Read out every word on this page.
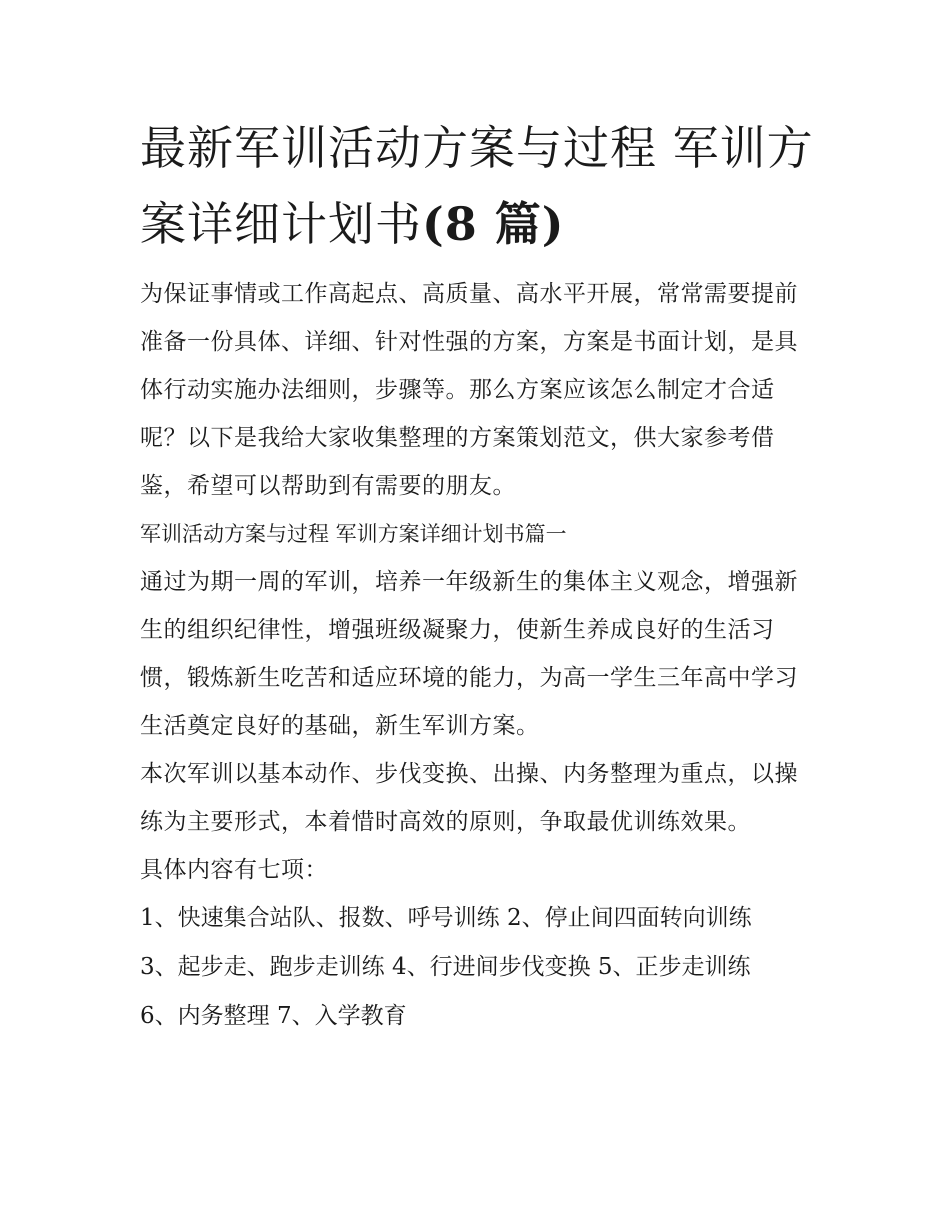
最新军训活动方案与过程 军训方案详细计划书(8 篇)

为保证事情或工作高起点、高质量、高水平开展，常常需要提前准备一份具体、详细、针对性强的方案，方案是书面计划，是具体行动实施办法细则，步骤等。那么方案应该怎么制定才合适呢？以下是我给大家收集整理的方案策划范文，供大家参考借鉴，希望可以帮助到有需要的朋友。

军训活动方案与过程 军训方案详细计划书篇一

通过为期一周的军训，培养一年级新生的集体主义观念，增强新生的组织纪律性，增强班级凝聚力，使新生养成良好的生活习惯，锻炼新生吃苦和适应环境的能力，为高一学生三年高中学习生活奠定良好的基础，新生军训方案。

本次军训以基本动作、步伐变换、出操、内务整理为重点，以操练为主要形式，本着惜时高效的原则，争取最优训练效果。

具体内容有七项：

1、快速集合站队、报数、呼号训练 2、停止间四面转向训练

3、起步走、跑步走训练 4、行进间步伐变换 5、正步走训练

6、内务整理 7、入学教育
